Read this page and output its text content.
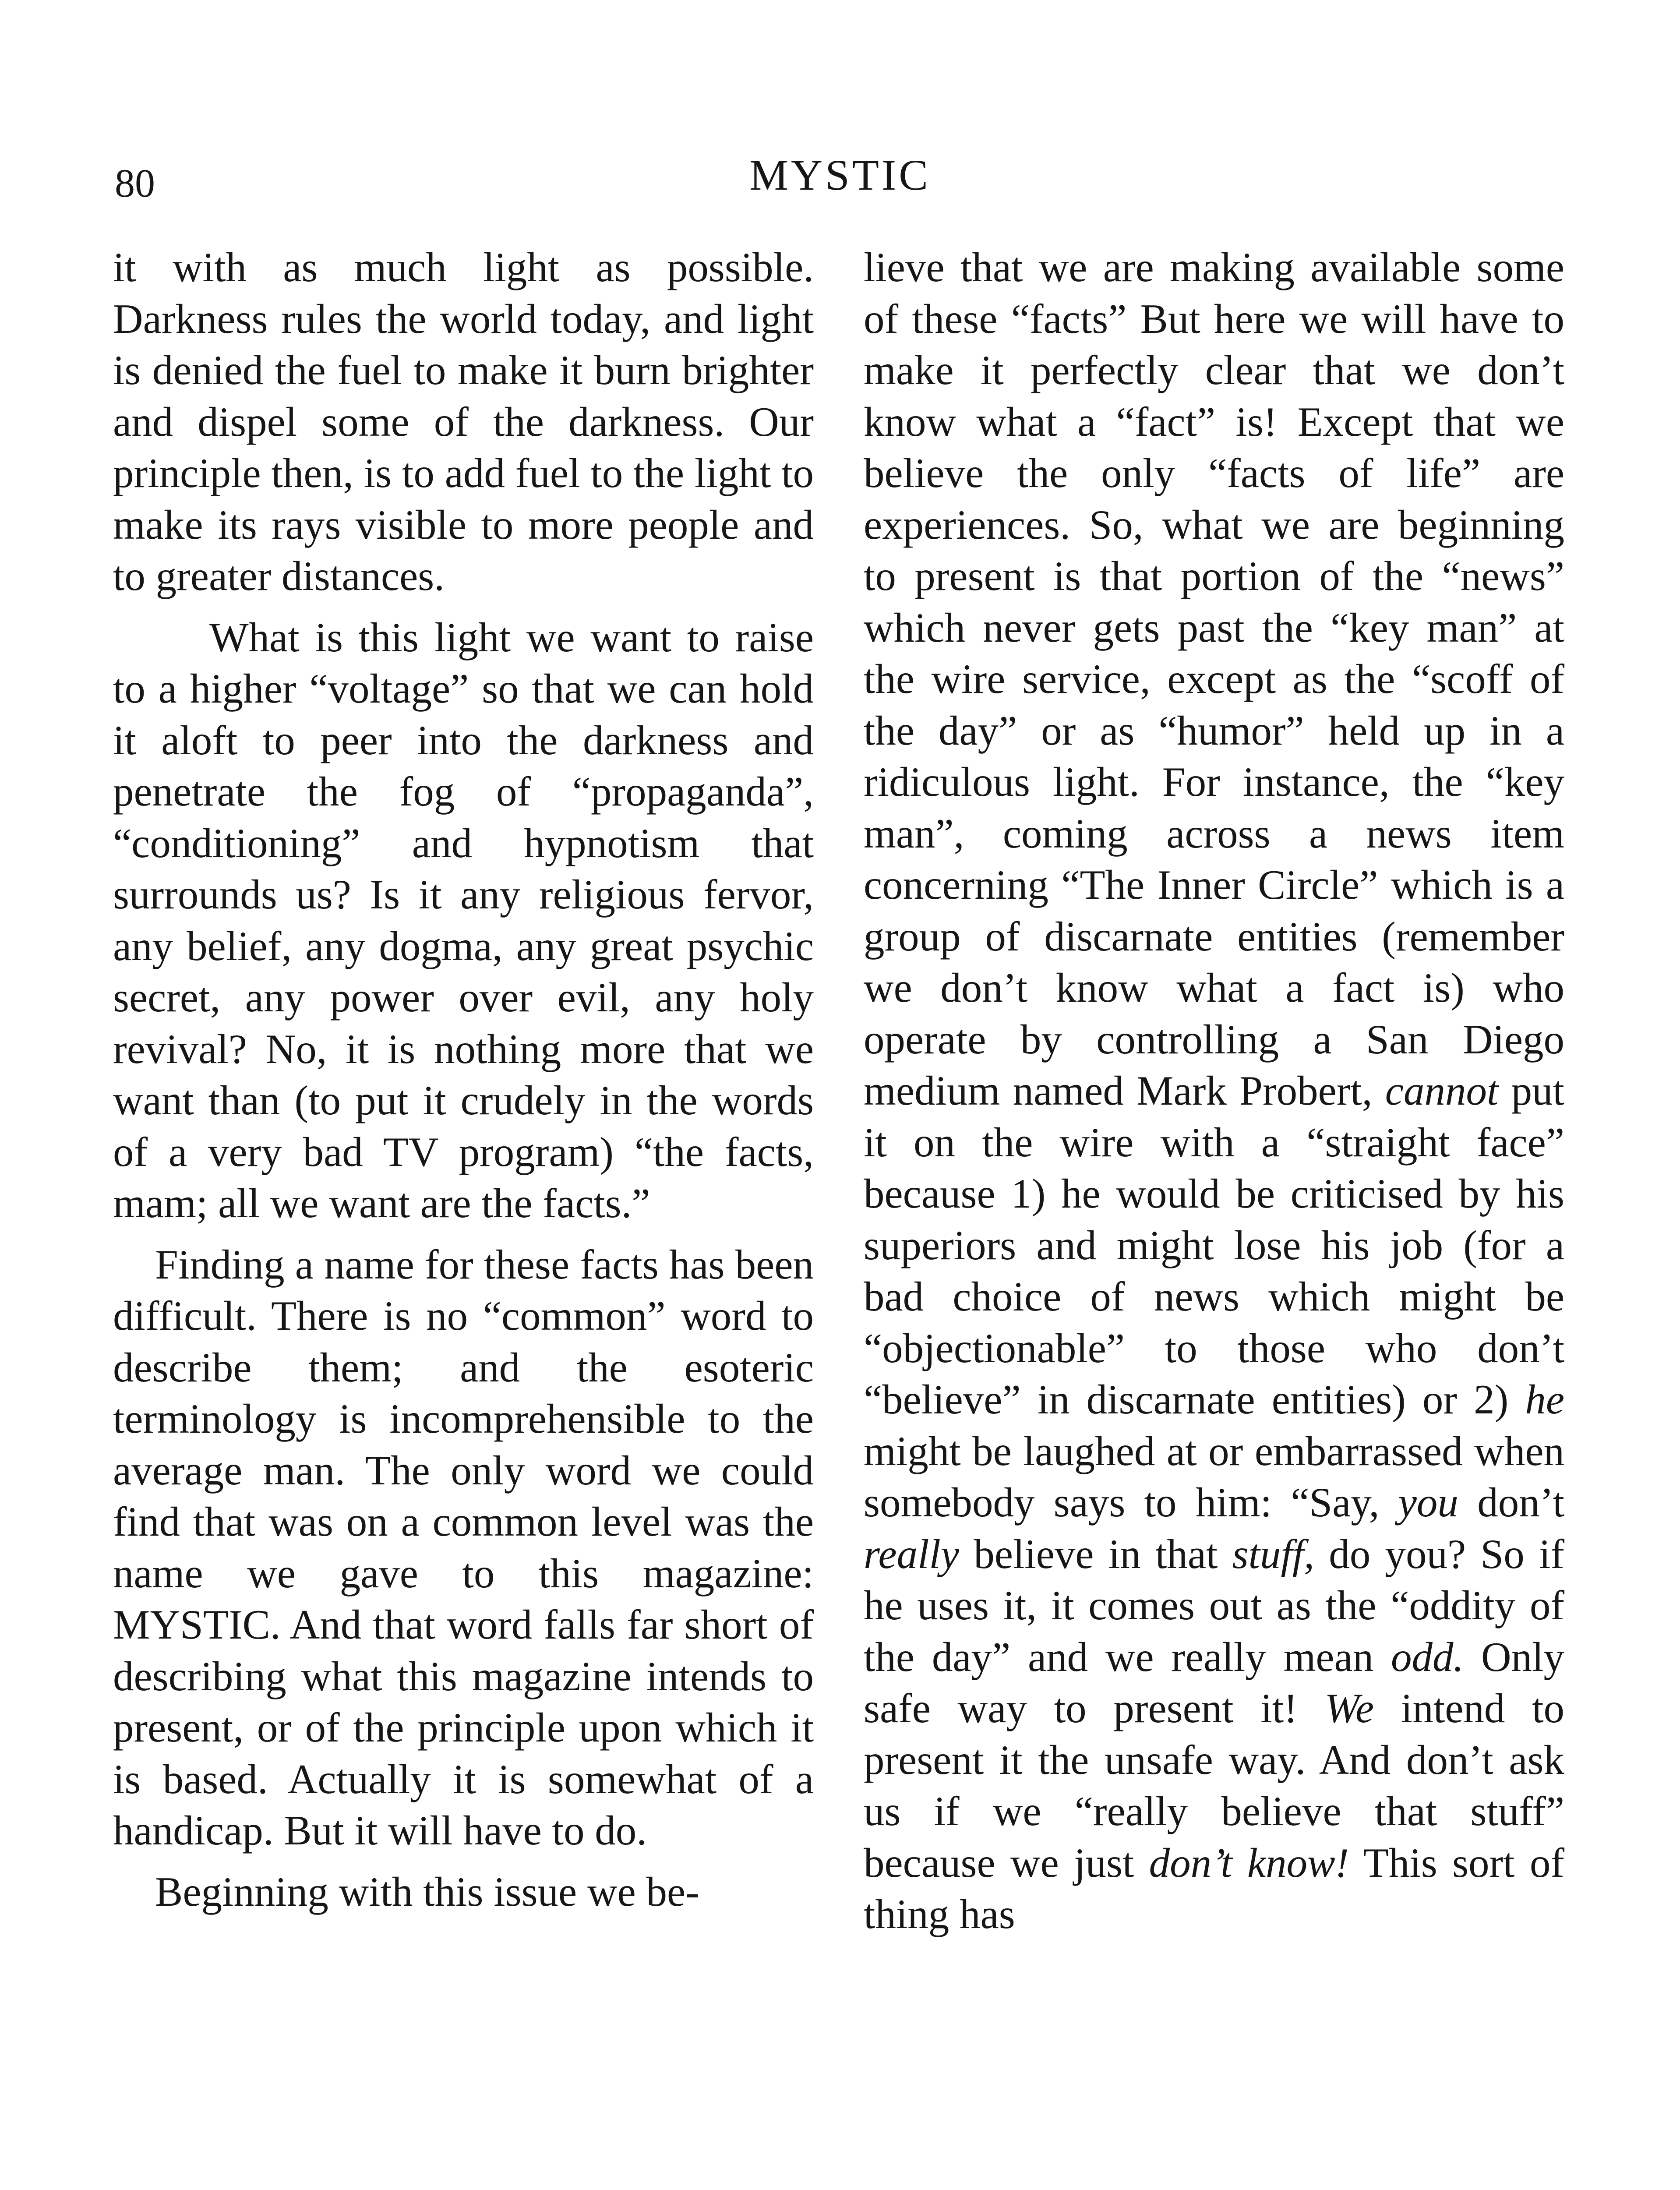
80	MYSTIC

it with as much light as possible. Darkness rules the world today, and light is denied the fuel to make it burn brighter and dispel some of the darkness. Our principle then, is to add fuel to the light to make its rays visible to more people and to greater distances.

What is this light we want to raise to a higher “voltage” so that we can hold it aloft to peer into the darkness and penetrate the fog of “propaganda”, “conditioning” and hypnotism that surrounds us? Is it any religious fervor, any belief, any dogma, any great psychic secret, any power over evil, any holy revival? No, it is nothing more that we want than (to put it crudely in the words of a very bad TV program) “the facts, mam; all we want are the facts.”

Finding a name for these facts has been difficult. There is no “common” word to describe them; and the esoteric terminology is incomprehensible to the average man. The only word we could find that was on a common level was the name we gave to this magazine: MYSTIC. And that word falls far short of describing what this magazine intends to present, or of the principle upon which it is based. Actually it is somewhat of a handicap. But it will have to do.

Beginning with this issue we be-

lieve that we are making available some of these “facts” But here we will have to make it perfectly clear that we don’t know what a “fact” is! Except that we believe the only “facts of life” are experiences. So, what we are beginning to present is that portion of the “news” which never gets past the “key man” at the wire service, except as the “scoff of the day” or as “humor” held up in a ridiculous light. For instance, the “key man”, coming across a news item concerning “The Inner Circle” which is a group of discarnate entities (remember we don’t know what a fact is) who operate by controlling a San Diego medium named Mark Probert, cannot put it on the wire with a “straight face” because 1) he would be criticised by his superiors and might lose his job (for a bad choice of news which might be “objectionable” to those who don’t “believe” in discarnate entities) or 2) he might be laughed at or embarrassed when somebody says to him: “Say, you don’t really believe in that stuff, do you? So if he uses it, it comes out as the “oddity of the day” and we really mean odd. Only safe way to present it! We intend to present it the unsafe way. And don’t ask us if we “really believe that stuff” because we just don’t know! This sort of thing has
